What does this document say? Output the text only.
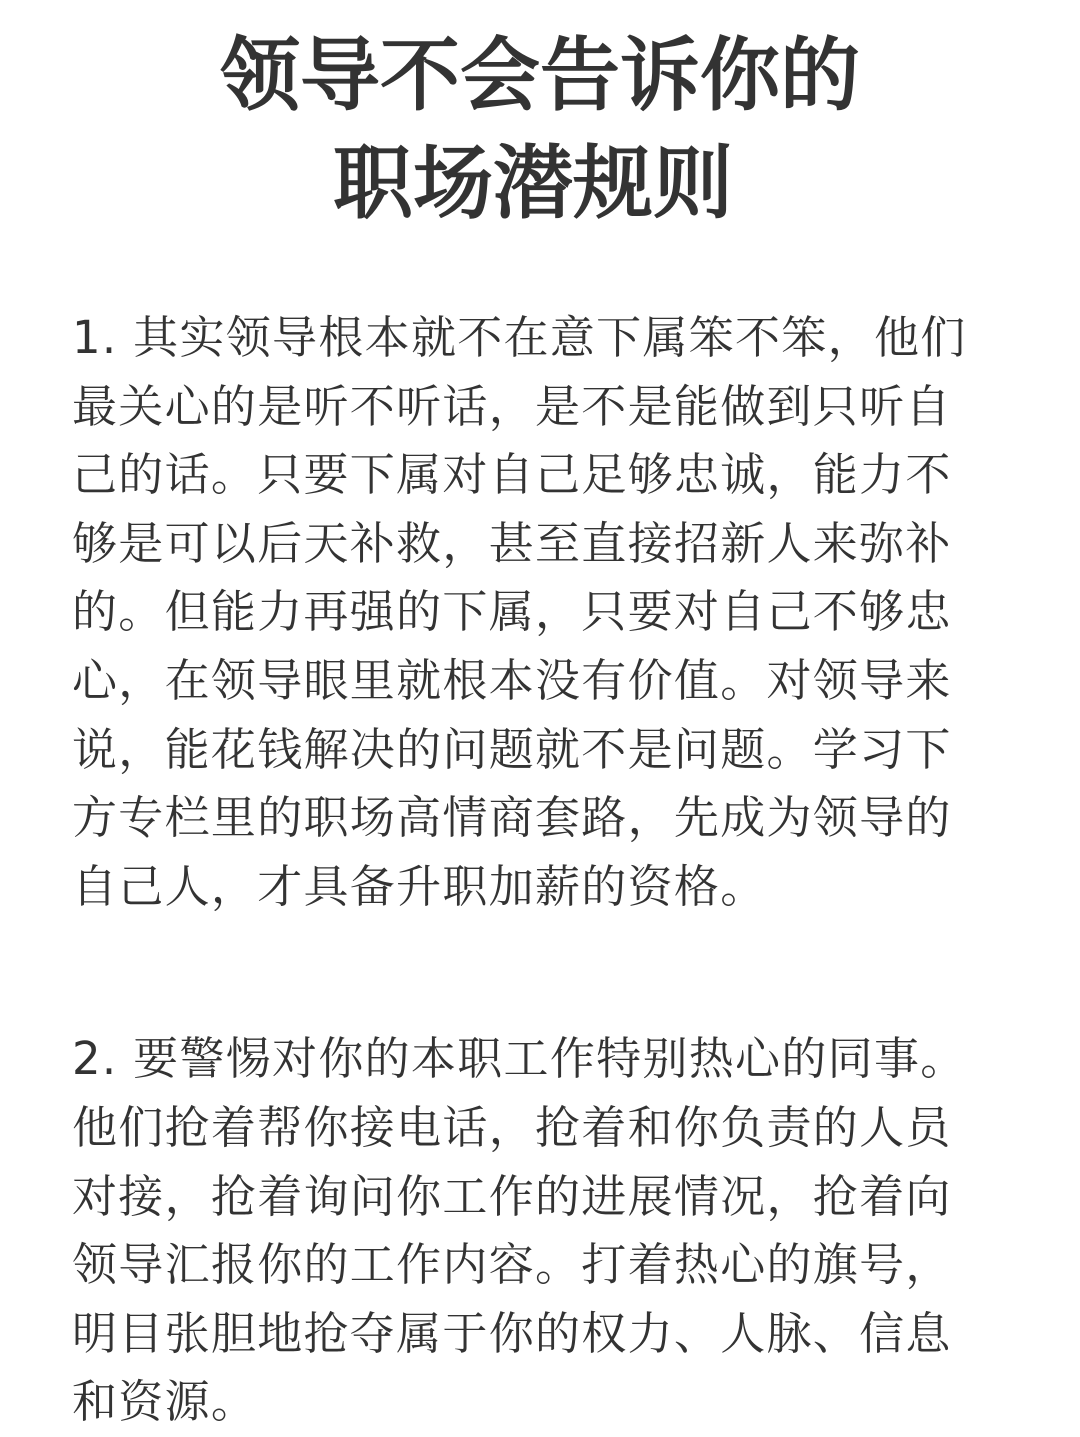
领导不会告诉你的
职场潜规则

1. 其实领导根本就不在意下属笨不笨，他们
最关心的是听不听话，是不是能做到只听自
己的话。只要下属对自己足够忠诚，能力不
够是可以后天补救，甚至直接招新人来弥补
的。但能力再强的下属，只要对自己不够忠
心，在领导眼里就根本没有价值。对领导来
说，能花钱解决的问题就不是问题。学习下
方专栏里的职场高情商套路，先成为领导的
自己人，才具备升职加薪的资格。

2. 要警惕对你的本职工作特别热心的同事。
他们抢着帮你接电话，抢着和你负责的人员
对接，抢着询问你工作的进展情况，抢着向
领导汇报你的工作内容。打着热心的旗号，
明目张胆地抢夺属于你的权力、人脉、信息
和资源。
